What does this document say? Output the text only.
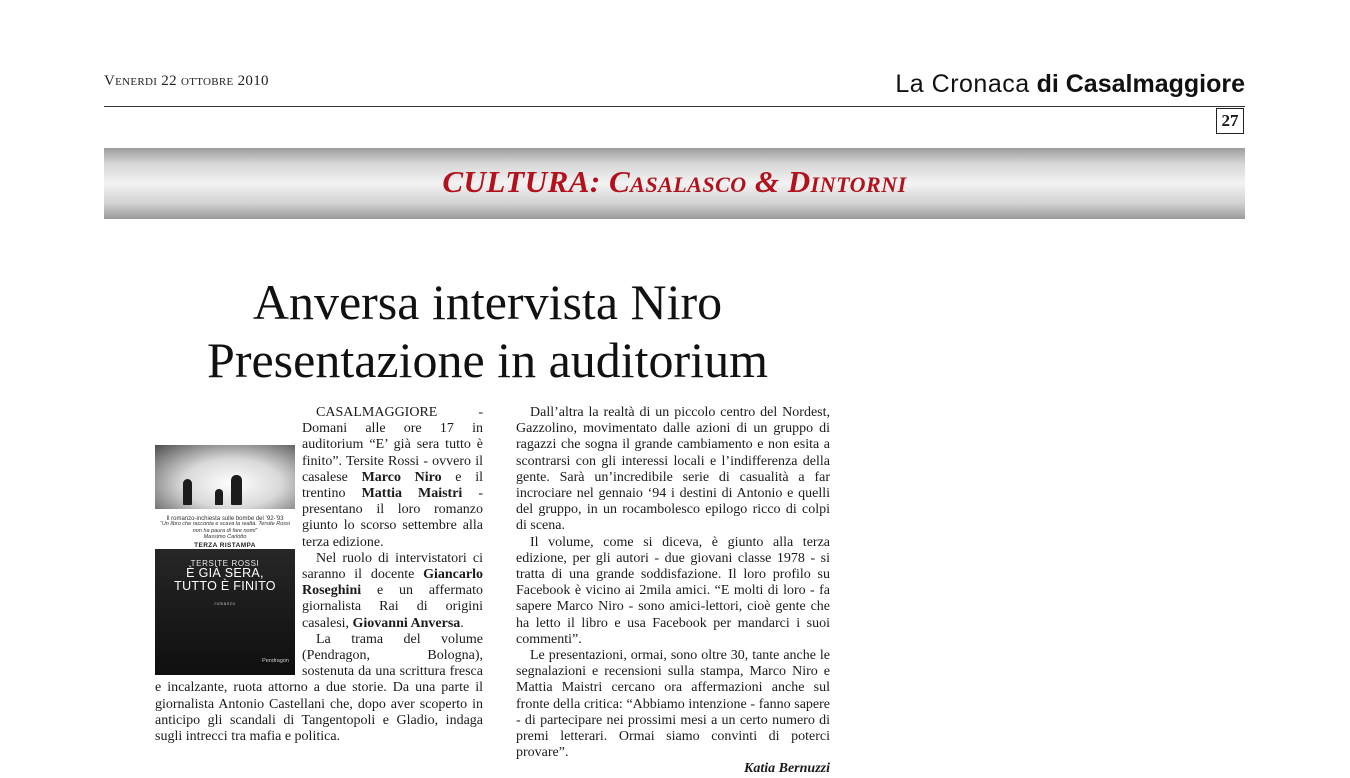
Venerdi 22 ottobre 2010	La Cronaca di Casalmaggiore
27
CULTURA: Casalasco & Dintorni
Anversa intervista Niro
Presentazione in auditorium
Il romanzo-inchiesta sulle bombe del ’92-’93
“Un libro che racconta e scava la realtà. Tersite Rossi non ha paura di fare nomi”
Massimo Carlotto
TERZA RISTAMPA
TERSITE ROSSI
È GIÀ SERA,
TUTTO È FINITO
romanzo
Pendragon

CASALMAGGIORE - Domani alle ore 17 in auditorium “E’ già sera tutto è finito”. Tersite Rossi - ovvero il casalese Marco Niro e il trentino Mattia Maistri - presentano il loro romanzo giunto lo scorso settembre alla terza edizione.

Nel ruolo di intervistatori ci saranno il docente Giancarlo Roseghini e un affermato giornalista Rai di origini casalesi, Giovanni Anversa.

La trama del volume (Pendragon, Bologna), sostenuta da una scrittura fresca e incalzante, ruota attorno a due storie. Da una parte il giornalista Antonio Castellani che, dopo aver scoperto in anticipo gli scandali di Tangentopoli e Gladio, indaga sugli intrecci tra mafia e politica.

Dall’altra la realtà di un piccolo centro del Nordest, Gazzolino, movimentato dalle azioni di un gruppo di ragazzi che sogna il grande cambiamento e non esita a scontrarsi con gli interessi locali e l’indifferenza della gente. Sarà un’incredibile serie di casualità a far incrociare nel gennaio ‘94 i destini di Antonio e quelli del gruppo, in un rocambolesco epilogo ricco di colpi di scena.

Il volume, come si diceva, è giunto alla terza edizione, per gli autori - due giovani classe 1978 - si tratta di una grande soddisfazione. Il loro profilo su Facebook è vicino ai 2mila amici. “E molti di loro - fa sapere Marco Niro - sono amici-lettori, cioè gente che ha letto il libro e usa Facebook per mandarci i suoi commenti”.

Le presentazioni, ormai, sono oltre 30, tante anche le segnalazioni e recensioni sulla stampa, Marco Niro e Mattia Maistri cercano ora affermazioni anche sul fronte della critica: “Abbiamo intenzione - fanno sapere - di partecipare nei prossimi mesi a un certo numero di premi letterari. Ormai siamo convinti di poterci provare”.

Katia Bernuzzi
